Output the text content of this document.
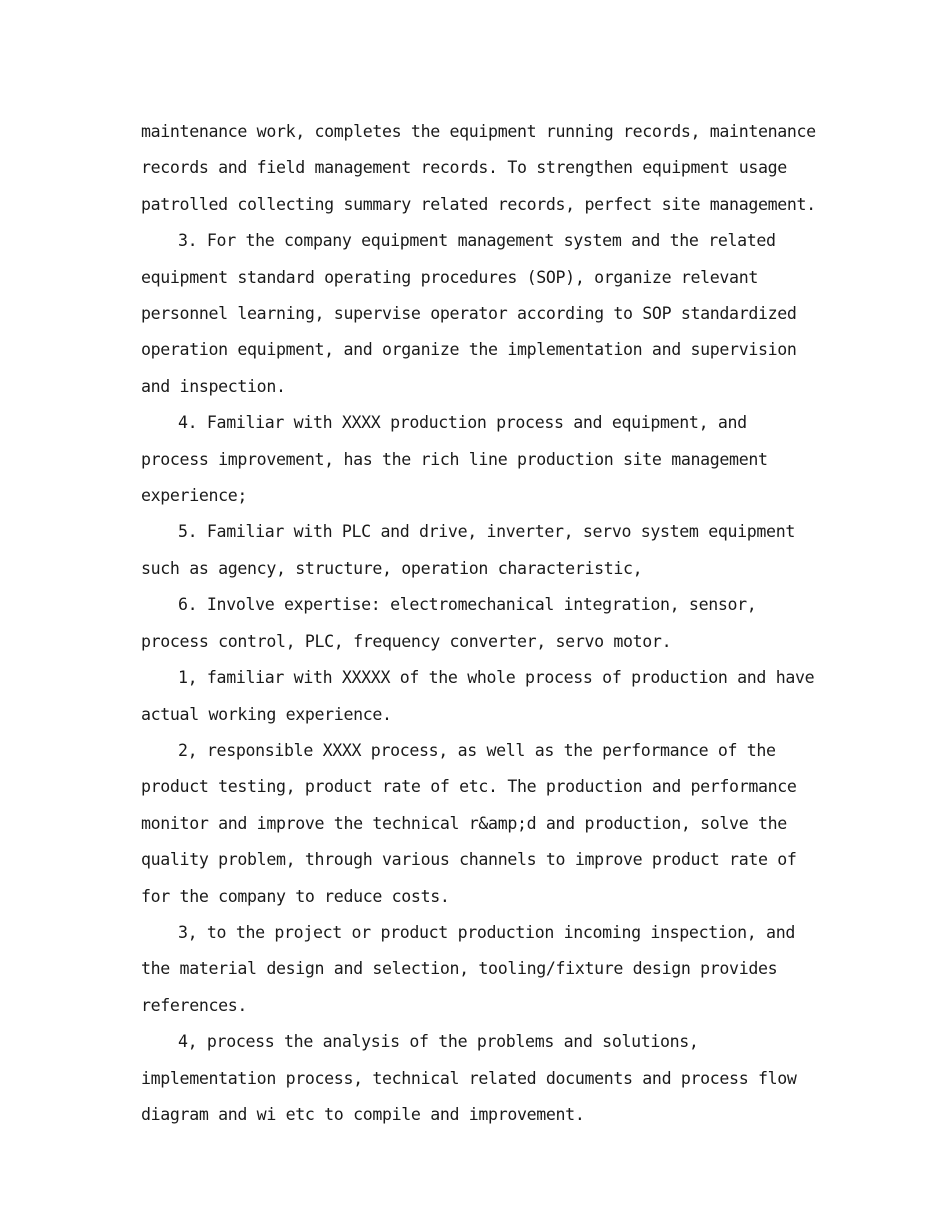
maintenance work, completes the equipment running records, maintenance records and field management records. To strengthen equipment usage patrolled collecting summary related records, perfect site management.

3. For the company equipment management system and the related equipment standard operating procedures (SOP), organize relevant personnel learning, supervise operator according to SOP standardized operation equipment, and organize the implementation and supervision and inspection.

4. Familiar with XXXX production process and equipment, and process improvement, has the rich line production site management experience;

5. Familiar with PLC and drive, inverter, servo system equipment such as agency, structure, operation characteristic,

6. Involve expertise: electromechanical integration, sensor, process control, PLC, frequency converter, servo motor.

1, familiar with XXXXX of the whole process of production and have actual working experience.

2, responsible XXXX process, as well as the performance of the product testing, product rate of etc. The production and performance monitor and improve the technical r&amp;d and production, solve the quality problem, through various channels to improve product rate of for the company to reduce costs.

3, to the project or product production incoming inspection, and the material design and selection, tooling/fixture design provides references.

4, process the analysis of the problems and solutions, implementation process, technical related documents and process flow diagram and wi etc to compile and improvement.
